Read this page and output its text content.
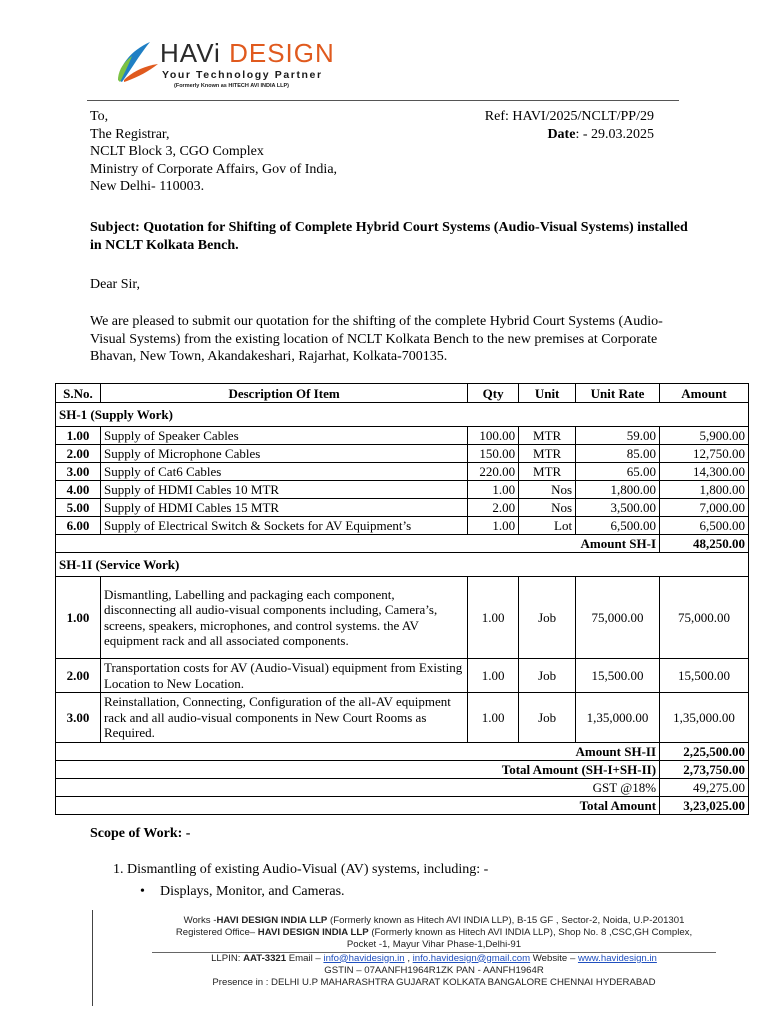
HAVi DESIGN
Your Technology Partner
(Formerly Known as HITECH AVI INDIA LLP)
To,
The Registrar,
NCLT Block 3, CGO Complex
Ministry of Corporate Affairs, Gov of India,
New Delhi- 110003.
Ref: HAVI/2025/NCLT/PP/29
Date: - 29.03.2025
Subject: Quotation for Shifting of Complete Hybrid Court Systems (Audio-Visual Systems) installed in NCLT Kolkata Bench.
Dear Sir,
We are pleased to submit our quotation for the shifting of the complete Hybrid Court Systems (Audio-Visual Systems) from the existing location of NCLT Kolkata Bench to the new premises at Corporate Bhavan, New Town, Akandakeshari, Rajarhat, Kolkata-700135.
S.No.	Description Of Item	Qty	Unit	Unit Rate	Amount
SH-1 (Supply Work)					
1.00	Supply of Speaker Cables	100.00	MTR	59.00	5,900.00
2.00	Supply of Microphone Cables	150.00	MTR	85.00	12,750.00
3.00	Supply of Cat6 Cables	220.00	MTR	65.00	14,300.00
4.00	Supply of HDMI Cables 10 MTR	1.00	Nos	1,800.00	1,800.00
5.00	Supply of HDMI Cables 15 MTR	2.00	Nos	3,500.00	7,000.00
6.00	Supply of Electrical Switch & Sockets for AV Equipment’s	1.00	Lot	6,500.00	6,500.00
Amount SH-I					48,250.00
SH-1I (Service Work)					
1.00	Dismantling, Labelling and packaging each component, disconnecting all audio-visual components including, Camera’s, screens, speakers, microphones, and control systems. the AV equipment rack and all associated components.	1.00	Job	75,000.00	75,000.00
2.00	Transportation costs for AV (Audio-Visual) equipment from Existing Location to New Location.	1.00	Job	15,500.00	15,500.00
3.00	Reinstallation, Connecting, Configuration of the all-AV equipment rack and all audio-visual components in New Court Rooms as Required.	1.00	Job	1,35,000.00	1,35,000.00
Amount SH-II					2,25,500.00
Total Amount (SH-I+SH-II)					2,73,750.00
GST @18%					49,275.00
Total Amount					3,23,025.00
Scope of Work: -
1. Dismantling of existing Audio-Visual (AV) systems, including: -
• Displays, Monitor, and Cameras.
Works -HAVI DESIGN INDIA LLP (Formerly known as Hitech AVI INDIA LLP), B-15 GF , Sector-2, Noida, U.P-201301
Registered Office– HAVI DESIGN INDIA LLP (Formerly known as Hitech AVI INDIA LLP), Shop No. 8 ,CSC,GH Complex,
Pocket -1, Mayur Vihar Phase-1,Delhi-91
LLPIN: AAT-3321 Email – info@havidesign.in , info.havidesign@gmail.com Website – www.havidesign.in
GSTIN – 07AANFH1964R1ZK PAN - AANFH1964R
Presence in : DELHI U.P MAHARASHTRA GUJARAT KOLKATA BANGALORE CHENNAI HYDERABAD
